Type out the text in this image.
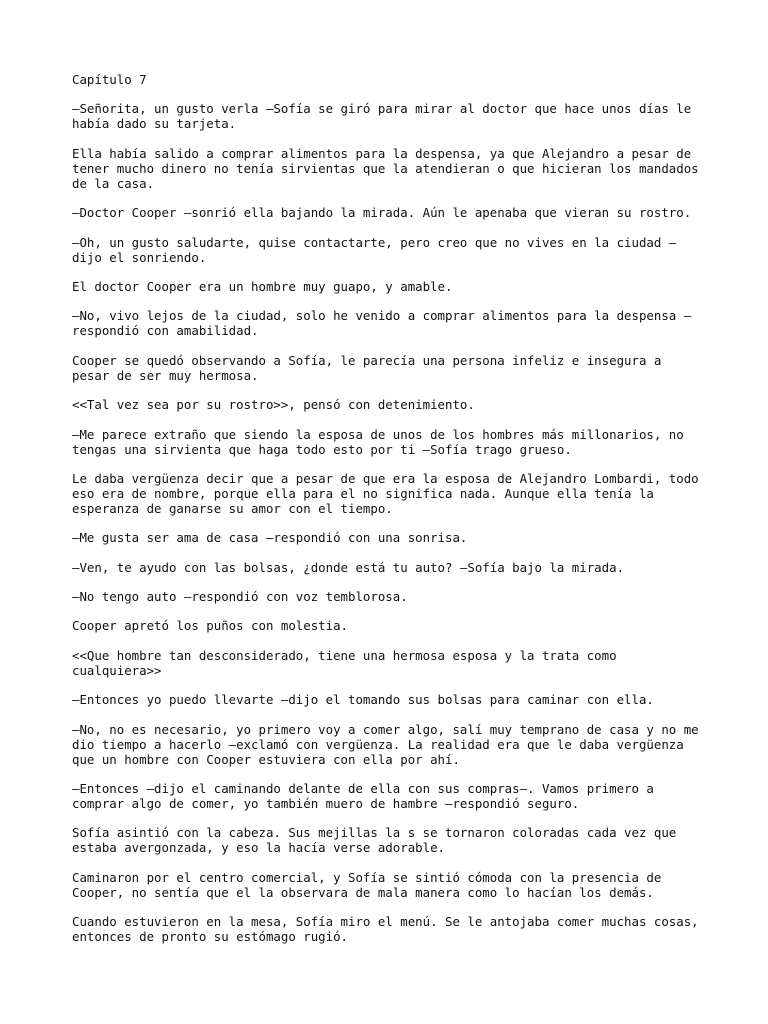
Capítulo 7

—Señorita, un gusto verla —Sofía se giró para mirar al doctor que hace unos días le había dado su tarjeta.

Ella había salido a comprar alimentos para la despensa, ya que Alejandro a pesar de tener mucho dinero no tenía sirvientas que la atendieran o que hicieran los mandados de la casa.

—Doctor Cooper —sonrió ella bajando la mirada. Aún le apenaba que vieran su rostro.

—Oh, un gusto saludarte, quise contactarte, pero creo que no vives en la ciudad —dijo el sonriendo.

El doctor Cooper era un hombre muy guapo, y amable.

—No, vivo lejos de la ciudad, solo he venido a comprar alimentos para la despensa —respondió con amabilidad.

Cooper se quedó observando a Sofía, le parecía una persona infeliz e insegura a pesar de ser muy hermosa.

<<Tal vez sea por su rostro>>, pensó con detenimiento.

—Me parece extraño que siendo la esposa de unos de los hombres más millonarios, no tengas una sirvienta que haga todo esto por ti —Sofía trago grueso.

Le daba vergüenza decir que a pesar de que era la esposa de Alejandro Lombardi, todo eso era de nombre, porque ella para el no significa nada. Aunque ella tenía la esperanza de ganarse su amor con el tiempo.

—Me gusta ser ama de casa —respondió con una sonrisa.

—Ven, te ayudo con las bolsas, ¿donde está tu auto? —Sofía bajo la mirada.

—No tengo auto —respondió con voz temblorosa.

Cooper apretó los puños con molestia.

<<Que hombre tan desconsiderado, tiene una hermosa esposa y la trata como cualquiera>>

—Entonces yo puedo llevarte —dijo el tomando sus bolsas para caminar con ella.

—No, no es necesario, yo primero voy a comer algo, salí muy temprano de casa y no me dio tiempo a hacerlo —exclamó con vergüenza. La realidad era que le daba vergüenza que un hombre con Cooper estuviera con ella por ahí.

—Entonces —dijo el caminando delante de ella con sus compras—. Vamos primero a comprar algo de comer, yo también muero de hambre —respondió seguro.

Sofía asintió con la cabeza. Sus mejillas la s se tornaron coloradas cada vez que estaba avergonzada, y eso la hacía verse adorable.

Caminaron por el centro comercial, y Sofía se sintió cómoda con la presencia de Cooper, no sentía que el la observara de mala manera como lo hacían los demás.

Cuando estuvieron en la mesa, Sofía miro el menú. Se le antojaba comer muchas cosas, entonces de pronto su estómago rugió.
